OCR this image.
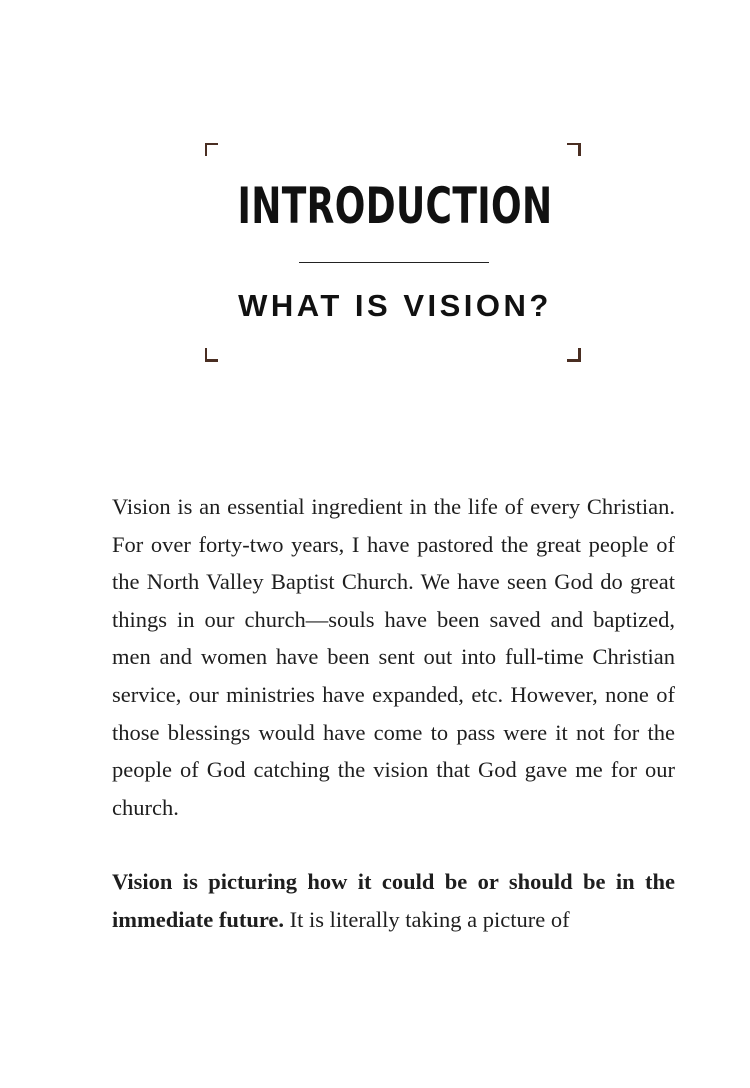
INTRODUCTION
WHAT IS VISION?

Vision is an essential ingredient in the life of every Christian. For over forty-two years, I have pastored the great people of the North Valley Baptist Church. We have seen God do great things in our church—souls have been saved and baptized, men and women have been sent out into full-time Christian service, our ministries have expanded, etc. However, none of those blessings would have come to pass were it not for the people of God catching the vision that God gave me for our church.

Vision is picturing how it could be or should be in the immediate future. It is literally taking a picture of
